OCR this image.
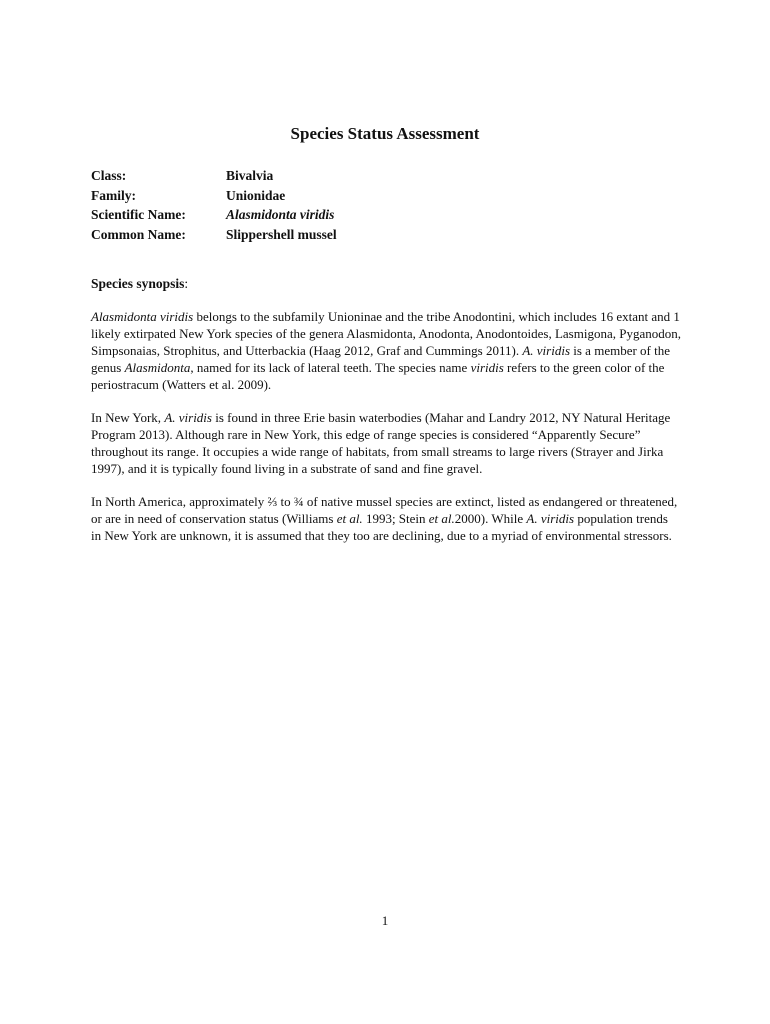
Species Status Assessment
Class:	Bivalvia
Family:	Unionidae
Scientific Name:	Alasmidonta viridis
Common Name:	Slippershell mussel
Species synopsis:

Alasmidonta viridis belongs to the subfamily Unioninae and the tribe Anodontini, which includes 16 extant and 1 likely extirpated New York species of the genera Alasmidonta, Anodonta, Anodontoides, Lasmigona, Pyganodon, Simpsonaias, Strophitus, and Utterbackia (Haag 2012, Graf and Cummings 2011). A. viridis is a member of the genus Alasmidonta, named for its lack of lateral teeth. The species name viridis refers to the green color of the periostracum (Watters et al. 2009).

In New York, A. viridis is found in three Erie basin waterbodies (Mahar and Landry 2012, NY Natural Heritage Program 2013). Although rare in New York, this edge of range species is considered “Apparently Secure” throughout its range. It occupies a wide range of habitats, from small streams to large rivers (Strayer and Jirka 1997), and it is typically found living in a substrate of sand and fine gravel.

In North America, approximately ⅔ to ¾ of native mussel species are extinct, listed as endangered or threatened, or are in need of conservation status (Williams et al. 1993; Stein et al.2000). While A. viridis population trends in New York are unknown, it is assumed that they too are declining, due to a myriad of environmental stressors.

1
